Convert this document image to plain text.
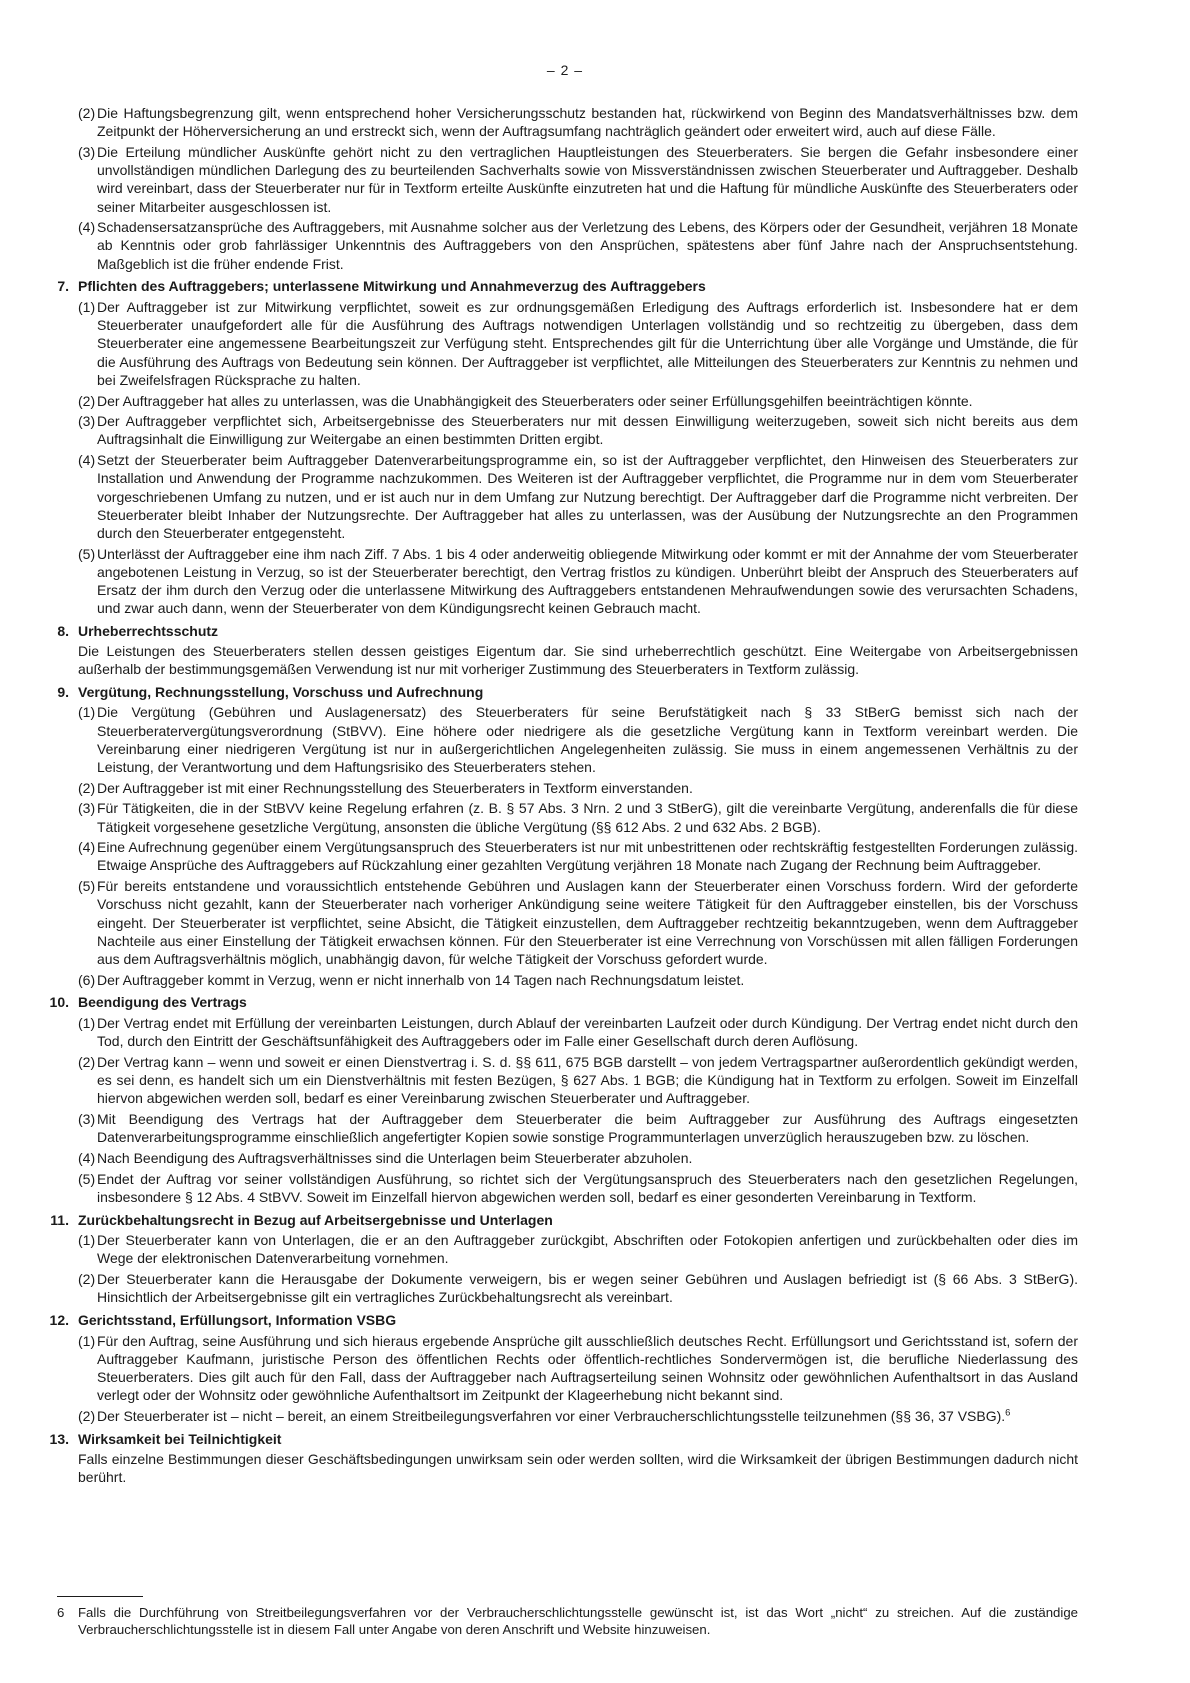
– 2 –
(2) Die Haftungsbegrenzung gilt, wenn entsprechend hoher Versicherungsschutz bestanden hat, rückwirkend von Beginn des Mandatsverhältnisses bzw. dem Zeitpunkt der Höherversicherung an und erstreckt sich, wenn der Auftragsumfang nachträglich geändert oder erweitert wird, auch auf diese Fälle.
(3) Die Erteilung mündlicher Auskünfte gehört nicht zu den vertraglichen Hauptleistungen des Steuerberaters. Sie bergen die Gefahr insbesondere einer unvollständigen mündlichen Darlegung des zu beurteilenden Sachverhalts sowie von Missverständnissen zwischen Steuerberater und Auftraggeber. Deshalb wird vereinbart, dass der Steuerberater nur für in Textform erteilte Auskünfte einzutreten hat und die Haftung für mündliche Auskünfte des Steuerberaters oder seiner Mitarbeiter ausgeschlossen ist.
(4) Schadensersatzansprüche des Auftraggebers, mit Ausnahme solcher aus der Verletzung des Lebens, des Körpers oder der Gesundheit, verjähren 18 Monate ab Kenntnis oder grob fahrlässiger Unkenntnis des Auftraggebers von den Ansprüchen, spätestens aber fünf Jahre nach der Anspruchsentstehung. Maßgeblich ist die früher endende Frist.
7. Pflichten des Auftraggebers; unterlassene Mitwirkung und Annahmeverzug des Auftraggebers
(1) Der Auftraggeber ist zur Mitwirkung verpflichtet, soweit es zur ordnungsgemäßen Erledigung des Auftrags erforderlich ist. Insbesondere hat er dem Steuerberater unaufgefordert alle für die Ausführung des Auftrags notwendigen Unterlagen vollständig und so rechtzeitig zu übergeben, dass dem Steuerberater eine angemessene Bearbeitungszeit zur Verfügung steht. Entsprechendes gilt für die Unterrichtung über alle Vorgänge und Umstände, die für die Ausführung des Auftrags von Bedeutung sein können. Der Auftraggeber ist verpflichtet, alle Mitteilungen des Steuerberaters zur Kenntnis zu nehmen und bei Zweifelsfragen Rücksprache zu halten.
(2) Der Auftraggeber hat alles zu unterlassen, was die Unabhängigkeit des Steuerberaters oder seiner Erfüllungsgehilfen beeinträchtigen könnte.
(3) Der Auftraggeber verpflichtet sich, Arbeitsergebnisse des Steuerberaters nur mit dessen Einwilligung weiterzugeben, soweit sich nicht bereits aus dem Auftragsinhalt die Einwilligung zur Weitergabe an einen bestimmten Dritten ergibt.
(4) Setzt der Steuerberater beim Auftraggeber Datenverarbeitungsprogramme ein, so ist der Auftraggeber verpflichtet, den Hinweisen des Steuerberaters zur Installation und Anwendung der Programme nachzukommen. Des Weiteren ist der Auftraggeber verpflichtet, die Programme nur in dem vom Steuerberater vorgeschriebenen Umfang zu nutzen, und er ist auch nur in dem Umfang zur Nutzung berechtigt. Der Auftraggeber darf die Programme nicht verbreiten. Der Steuerberater bleibt Inhaber der Nutzungsrechte. Der Auftraggeber hat alles zu unterlassen, was der Ausübung der Nutzungsrechte an den Programmen durch den Steuerberater entgegensteht.
(5) Unterlässt der Auftraggeber eine ihm nach Ziff. 7 Abs. 1 bis 4 oder anderweitig obliegende Mitwirkung oder kommt er mit der Annahme der vom Steuerberater angebotenen Leistung in Verzug, so ist der Steuerberater berechtigt, den Vertrag fristlos zu kündigen. Unberührt bleibt der Anspruch des Steuerberaters auf Ersatz der ihm durch den Verzug oder die unterlassene Mitwirkung des Auftraggebers entstandenen Mehraufwendungen sowie des verursachten Schadens, und zwar auch dann, wenn der Steuerberater von dem Kündigungsrecht keinen Gebrauch macht.
8. Urheberrechtsschutz
Die Leistungen des Steuerberaters stellen dessen geistiges Eigentum dar. Sie sind urheberrechtlich geschützt. Eine Weitergabe von Arbeitsergebnissen außerhalb der bestimmungsgemäßen Verwendung ist nur mit vorheriger Zustimmung des Steuerberaters in Textform zulässig.
9. Vergütung, Rechnungsstellung, Vorschuss und Aufrechnung
(1) Die Vergütung (Gebühren und Auslagenersatz) des Steuerberaters für seine Berufstätigkeit nach § 33 StBerG bemisst sich nach der Steuerberatervergütungsverordnung (StBVV). Eine höhere oder niedrigere als die gesetzliche Vergütung kann in Textform vereinbart werden. Die Vereinbarung einer niedrigeren Vergütung ist nur in außergerichtlichen Angelegenheiten zulässig. Sie muss in einem angemessenen Verhältnis zu der Leistung, der Verantwortung und dem Haftungsrisiko des Steuerberaters stehen.
(2) Der Auftraggeber ist mit einer Rechnungsstellung des Steuerberaters in Textform einverstanden.
(3) Für Tätigkeiten, die in der StBVV keine Regelung erfahren (z. B. § 57 Abs. 3 Nrn. 2 und 3 StBerG), gilt die vereinbarte Vergütung, anderenfalls die für diese Tätigkeit vorgesehene gesetzliche Vergütung, ansonsten die übliche Vergütung (§§ 612 Abs. 2 und 632 Abs. 2 BGB).
(4) Eine Aufrechnung gegenüber einem Vergütungsanspruch des Steuerberaters ist nur mit unbestrittenen oder rechtskräftig festgestellten Forderungen zulässig. Etwaige Ansprüche des Auftraggebers auf Rückzahlung einer gezahlten Vergütung verjähren 18 Monate nach Zugang der Rechnung beim Auftraggeber.
(5) Für bereits entstandene und voraussichtlich entstehende Gebühren und Auslagen kann der Steuerberater einen Vorschuss fordern. Wird der geforderte Vorschuss nicht gezahlt, kann der Steuerberater nach vorheriger Ankündigung seine weitere Tätigkeit für den Auftraggeber einstellen, bis der Vorschuss eingeht. Der Steuerberater ist verpflichtet, seine Absicht, die Tätigkeit einzustellen, dem Auftraggeber rechtzeitig bekanntzugeben, wenn dem Auftraggeber Nachteile aus einer Einstellung der Tätigkeit erwachsen können. Für den Steuerberater ist eine Verrechnung von Vorschüssen mit allen fälligen Forderungen aus dem Auftragsverhältnis möglich, unabhängig davon, für welche Tätigkeit der Vorschuss gefordert wurde.
(6) Der Auftraggeber kommt in Verzug, wenn er nicht innerhalb von 14 Tagen nach Rechnungsdatum leistet.
10. Beendigung des Vertrags
(1) Der Vertrag endet mit Erfüllung der vereinbarten Leistungen, durch Ablauf der vereinbarten Laufzeit oder durch Kündigung. Der Vertrag endet nicht durch den Tod, durch den Eintritt der Geschäftsunfähigkeit des Auftraggebers oder im Falle einer Gesellschaft durch deren Auflösung.
(2) Der Vertrag kann – wenn und soweit er einen Dienstvertrag i. S. d. §§ 611, 675 BGB darstellt – von jedem Vertragspartner außerordentlich gekündigt werden, es sei denn, es handelt sich um ein Dienstverhältnis mit festen Bezügen, § 627 Abs. 1 BGB; die Kündigung hat in Textform zu erfolgen. Soweit im Einzelfall hiervon abgewichen werden soll, bedarf es einer Vereinbarung zwischen Steuerberater und Auftraggeber.
(3) Mit Beendigung des Vertrags hat der Auftraggeber dem Steuerberater die beim Auftraggeber zur Ausführung des Auftrags eingesetzten Datenverarbeitungsprogramme einschließlich angefertigter Kopien sowie sonstige Programmunterlagen unverzüglich herauszugeben bzw. zu löschen.
(4) Nach Beendigung des Auftragsverhältnisses sind die Unterlagen beim Steuerberater abzuholen.
(5) Endet der Auftrag vor seiner vollständigen Ausführung, so richtet sich der Vergütungsanspruch des Steuerberaters nach den gesetzlichen Regelungen, insbesondere § 12 Abs. 4 StBVV. Soweit im Einzelfall hiervon abgewichen werden soll, bedarf es einer gesonderten Vereinbarung in Textform.
11. Zurückbehaltungsrecht in Bezug auf Arbeitsergebnisse und Unterlagen
(1) Der Steuerberater kann von Unterlagen, die er an den Auftraggeber zurückgibt, Abschriften oder Fotokopien anfertigen und zurückbehalten oder dies im Wege der elektronischen Datenverarbeitung vornehmen.
(2) Der Steuerberater kann die Herausgabe der Dokumente verweigern, bis er wegen seiner Gebühren und Auslagen befriedigt ist (§ 66 Abs. 3 StBerG). Hinsichtlich der Arbeitsergebnisse gilt ein vertragliches Zurückbehaltungsrecht als vereinbart.
12. Gerichtsstand, Erfüllungsort, Information VSBG
(1) Für den Auftrag, seine Ausführung und sich hieraus ergebende Ansprüche gilt ausschließlich deutsches Recht. Erfüllungsort und Gerichtsstand ist, sofern der Auftraggeber Kaufmann, juristische Person des öffentlichen Rechts oder öffentlich-rechtliches Sondervermögen ist, die berufliche Niederlassung des Steuerberaters. Dies gilt auch für den Fall, dass der Auftraggeber nach Auftragserteilung seinen Wohnsitz oder gewöhnlichen Aufenthaltsort in das Ausland verlegt oder der Wohnsitz oder gewöhnliche Aufenthaltsort im Zeitpunkt der Klageerhebung nicht bekannt sind.
(2) Der Steuerberater ist – nicht – bereit, an einem Streitbeilegungsverfahren vor einer Verbraucherschlichtungsstelle teilzunehmen (§§ 36, 37 VSBG).$^6$
13. Wirksamkeit bei Teilnichtigkeit
Falls einzelne Bestimmungen dieser Geschäftsbedingungen unwirksam sein oder werden sollten, wird die Wirksamkeit der übrigen Bestimmungen dadurch nicht berührt.
6	Falls die Durchführung von Streitbeilegungsverfahren vor der Verbraucherschlichtungsstelle gewünscht ist, ist das Wort „nicht“ zu streichen. Auf die zuständige Verbraucherschlichtungsstelle ist in diesem Fall unter Angabe von deren Anschrift und Website hinzuweisen.
